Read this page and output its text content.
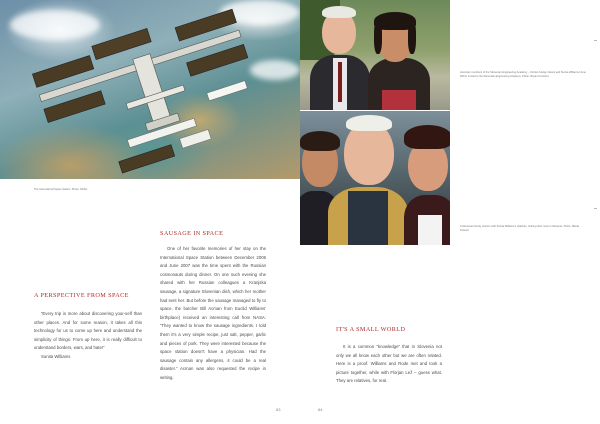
The International Space Station. Photo: NASA
Honorary members of the Slovenian Engineering Academy – Florian Kostja, Naomi and Sunita Williams (June 2010), invited to the Slovenian Engineering Academy. Photo: Boyan Kosovics
A Slovenian family reunion with Sunita Williams's relatives, sharing their roots in Slovenia. Photo: Nikola Kosevic
A PERSPECTIVE FROM SPACE

“Every trip is more about discovering your-self than other places. And for some reason, it takes all this technology for us to come up here and understand the simplicity of things. From up here, it is really difficult to understand borders, wars, and hate!”

Sunita Williams

SAUSAGE IN SPACE

One of her favorite memories of her stay on the International Space Station between December 2006 and June 2007 was the time spent with the Russian cosmonauts during dinner. On one such evening she shared with her Russian colleagues a Kranjska sausage, a signature Slovenian dish, which her mother had sent her. But before the sausage managed to fly to space, the butcher Bill Acman from Euclid Williams' birthplace) received an interesting call from NASA: “They wanted to know the sausage ingredients. I told them it's a very simple recipe, just salt, pepper, garlic and pieces of pork. They were interested because the space station doesn't have a physician. Had the sausage contain any allergens, it could be a real disaster.” Acman was also requested the recipe in writing.

IT'S A SMALL WORLD

It is a common “knowledge” that in Slovenia not only we all know each other but we are often related. Here is a proof. Williams and Rode met and took a picture together, while with Florjan Lež – guess what. They are relatives, for real.

83	84
